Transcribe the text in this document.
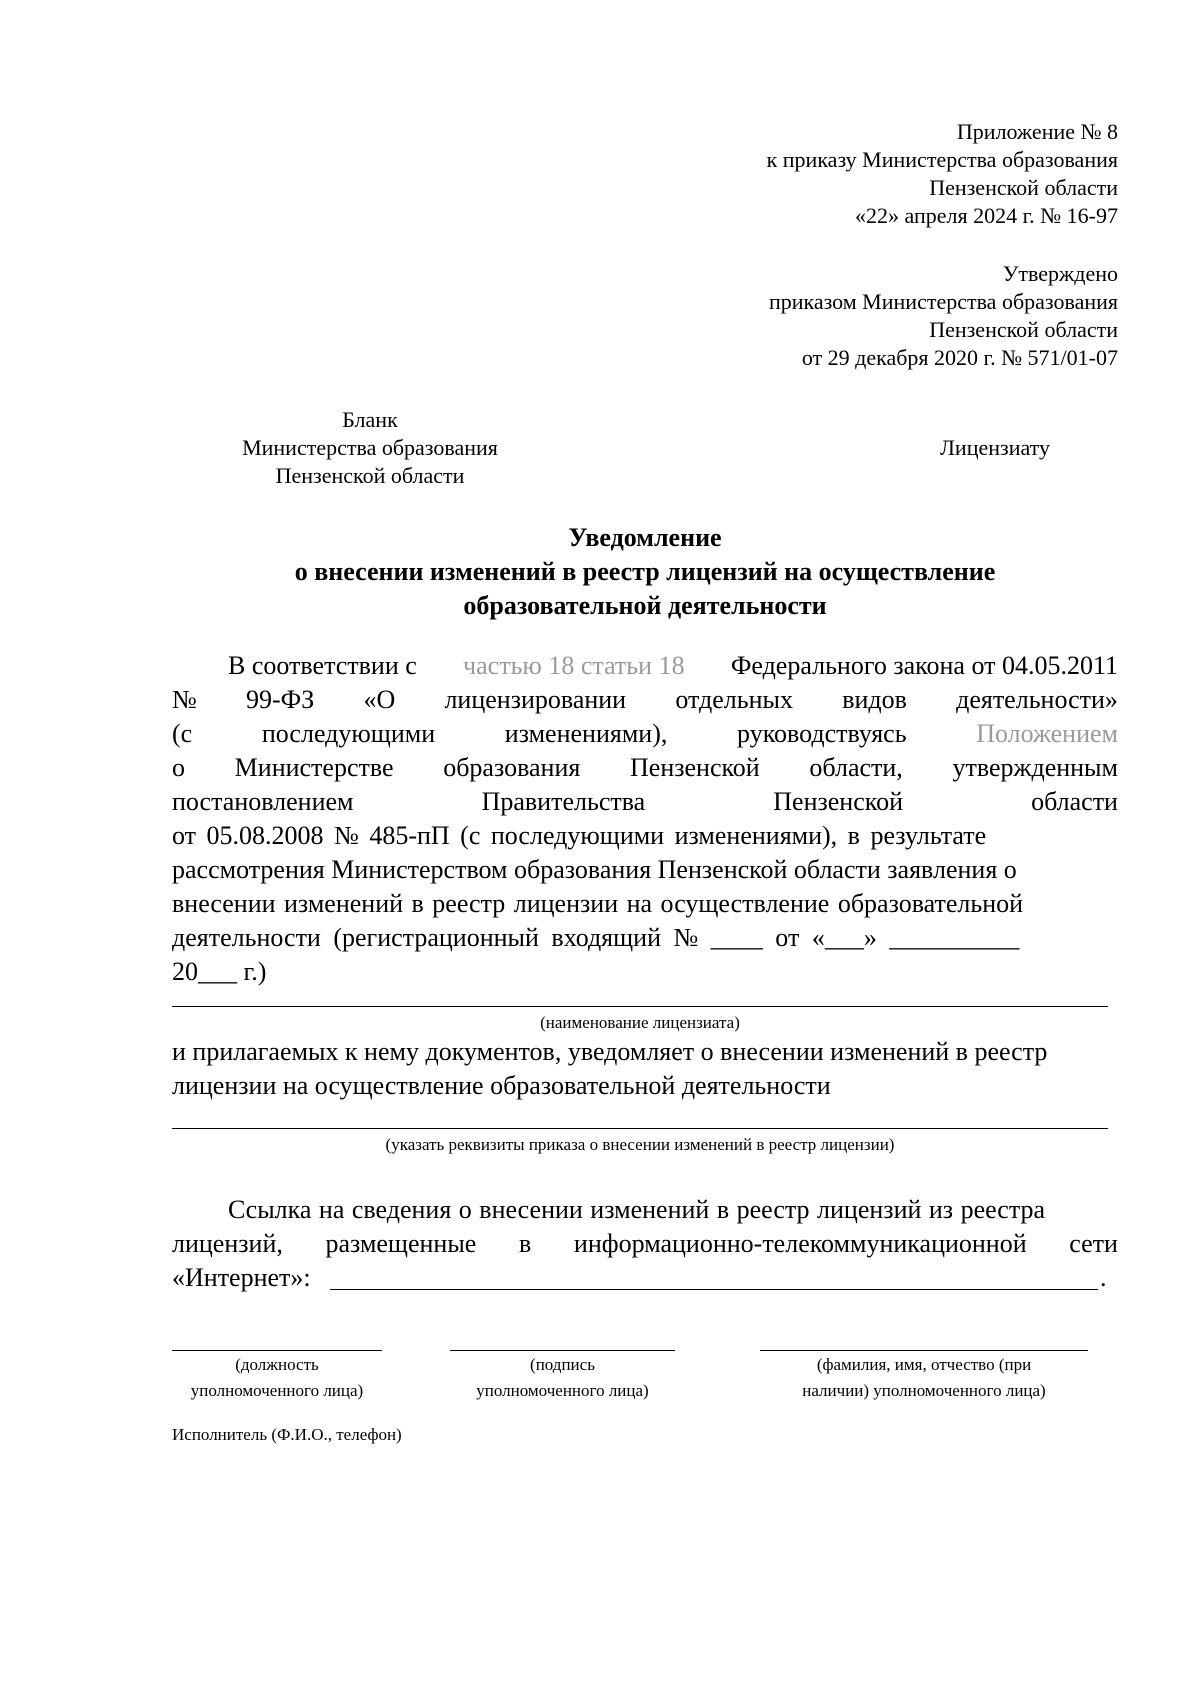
Приложение № 8
к приказу Министерства образования
Пензенской области
«22» апреля 2024 г. № 16-97
Утверждено
приказом Министерства образования
Пензенской области
от 29 декабря 2020 г. № 571/01-07
Бланк
Министерства образования
Пензенской области
Лицензиату
Уведомление
о внесении изменений в реестр лицензий на осуществление
образовательной деятельности
В соответствии с частью 18 статьи 18 Федерального закона от 04.05.2011
№ 99-ФЗ «О лицензировании отдельных видов деятельности»
(с	последующими	изменениями),	руководствуясь	Положением
о Министерстве образования Пензенской области, утвержденным
постановлением	Правительства	Пензенской	области
от 05.08.2008 № 485-пП (с последующими изменениями), в результате
рассмотрения Министерством образования Пензенской области заявления о
внесении изменений в реестр лицензии на осуществление образовательной
деятельности (регистрационный входящий № ____ от «___» __________
20___ г.)
(наименование лицензиата)
и прилагаемых к нему документов, уведомляет о внесении изменений в реестр
лицензии на осуществление образовательной деятельности
(указать реквизиты приказа о внесении изменений в реестр лицензии)
Ссылка на сведения о внесении изменений в реестр лицензий из реестра
лицензий, размещенные в информационно-телекоммуникационной сети
«Интернет»:	.
(должность
уполномоченного лица)
(подпись
уполномоченного лица)
(фамилия, имя, отчество (при
наличии) уполномоченного лица)
Исполнитель (Ф.И.О., телефон)
